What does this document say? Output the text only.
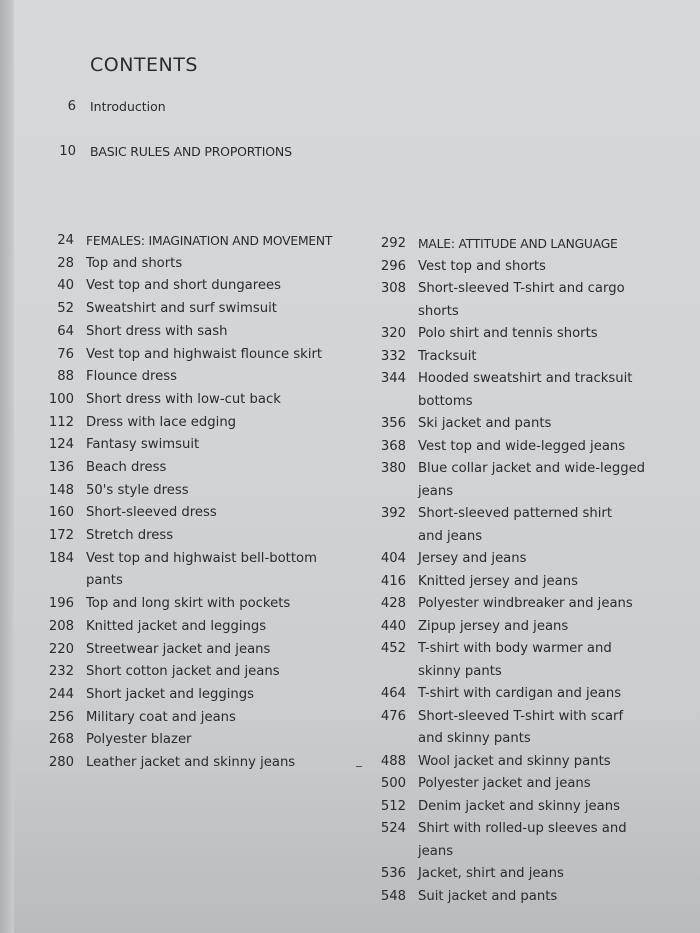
CONTENTS
6 Introduction
10 BASIC RULES AND PROPORTIONS
24 FEMALES: IMAGINATION AND MOVEMENT
28 Top and shorts
40 Vest top and short dungarees
52 Sweatshirt and surf swimsuit
64 Short dress with sash
76 Vest top and highwaist flounce skirt
88 Flounce dress
100 Short dress with low-cut back
112 Dress with lace edging
124 Fantasy swimsuit
136 Beach dress
148 50's style dress
160 Short-sleeved dress
172 Stretch dress
184 Vest top and highwaist bell-bottom
pants
196 Top and long skirt with pockets
208 Knitted jacket and leggings
220 Streetwear jacket and jeans
232 Short cotton jacket and jeans
244 Short jacket and leggings
256 Military coat and jeans
268 Polyester blazer
280 Leather jacket and skinny jeans
292 MALE: ATTITUDE AND LANGUAGE
296 Vest top and shorts
308 Short-sleeved T-shirt and cargo
shorts
320 Polo shirt and tennis shorts
332 Tracksuit
344 Hooded sweatshirt and tracksuit
bottoms
356 Ski jacket and pants
368 Vest top and wide-legged jeans
380 Blue collar jacket and wide-legged
jeans
392 Short-sleeved patterned shirt
and jeans
404 Jersey and jeans
416 Knitted jersey and jeans
428 Polyester windbreaker and jeans
440 Zipup jersey and jeans
452 T-shirt with body warmer and
skinny pants
464 T-shirt with cardigan and jeans
476 Short-sleeved T-shirt with scarf
and skinny pants
488 Wool jacket and skinny pants
500 Polyester jacket and jeans
512 Denim jacket and skinny jeans
524 Shirt with rolled-up sleeves and
jeans
536 Jacket, shirt and jeans
548 Suit jacket and pants
